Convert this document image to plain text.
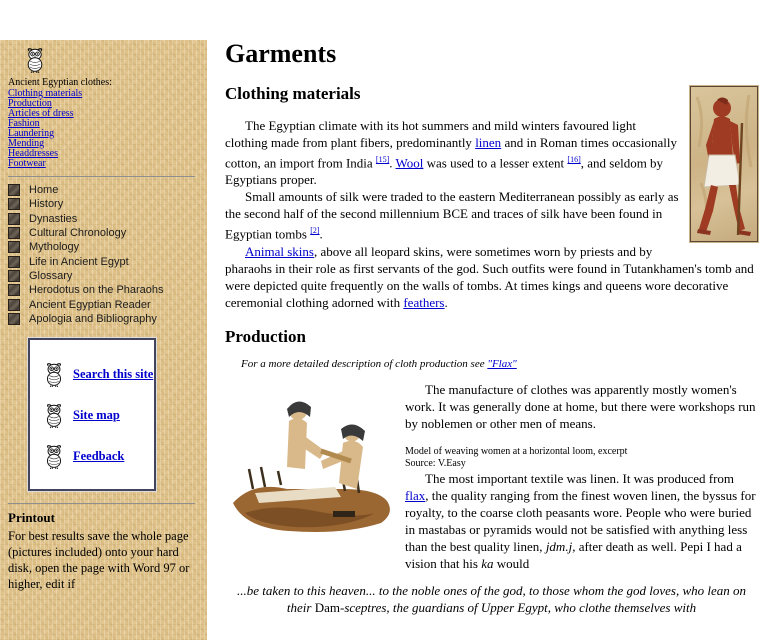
Ancient Egyptian clothes:
Clothing materials
Production
Articles of dress
Fashion
Laundering
Mending
Headdresses
Footwear
Home
History
Dynasties
Cultural Chronology
Mythology
Life in Ancient Egypt
Glossary
Herodotus on the Pharaohs
Ancient Egyptian Reader
Apologia and Bibliography
Search this site
Site map
Feedback
Printout
For best results save the whole page (pictures included) onto your hard disk, open the page with Word 97 or higher, edit if
Garments
Clothing materials

The Egyptian climate with its hot summers and mild winters favoured light clothing made from plant fibers, predominantly linen and in Roman times occasionally cotton, an import from India [15]. Wool was used to a lesser extent [16], and seldom by Egyptians proper.

Small amounts of silk were traded to the eastern Mediterranean possibly as early as the second half of the second millennium BCE and traces of silk have been found in Egyptian tombs [2].

Animal skins, above all leopard skins, were sometimes worn by priests and by pharaohs in their role as first servants of the god. Such outfits were found in Tutankhamen's tomb and were depicted quite frequently on the walls of tombs. At times kings and queens wore decorative ceremonial clothing adorned with feathers.

Production
For a more detailed description of cloth production see "Flax"

The manufacture of clothes was apparently mostly women's work. It was generally done at home, but there were workshops run by noblemen or other men of means.

Model of weaving women at a horizontal loom, excerpt
Source: V.Easy

The most important textile was linen. It was produced from flax, the quality ranging from the finest woven linen, the byssus for royalty, to the coarse cloth peasants wore. People who were buried in mastabas or pyramids would not be satisfied with anything less than the best quality linen, jdm.j, after death as well. Pepi I had a vision that his ka would

...be taken to this heaven... to the noble ones of the god, to those whom the god loves, who lean on their Dam-sceptres, the guardians of Upper Egypt, who clothe themselves with
